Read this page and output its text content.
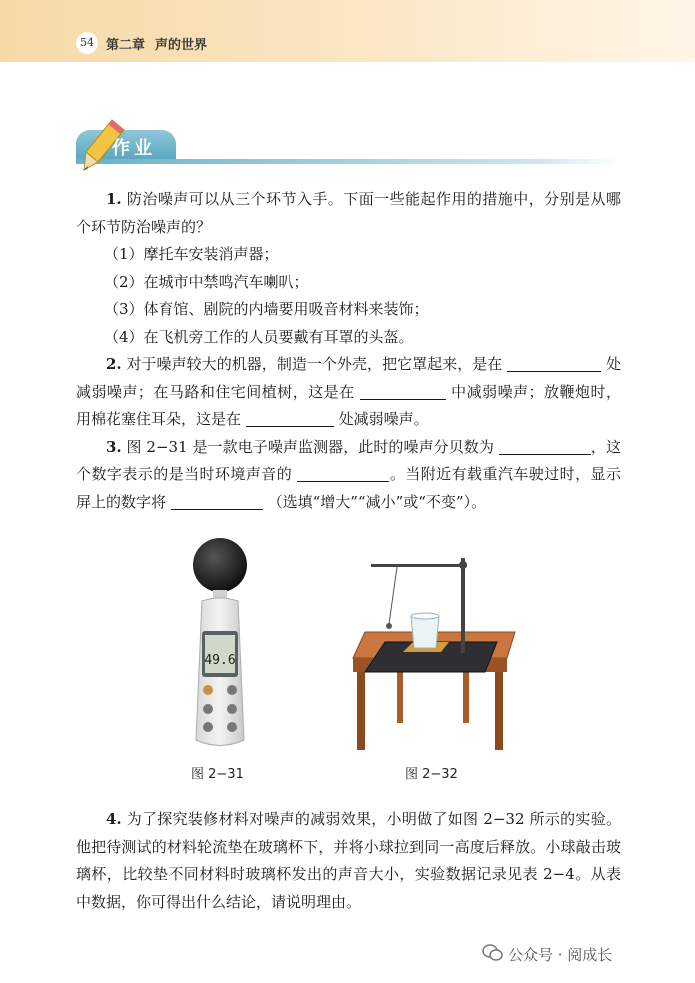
54 第二章 声的世界
作业

1. 防治噪声可以从三个环节入手。下面一些能起作用的措施中，分别是从哪个环节防治噪声的？

（1）摩托车安装消声器；

（2）在城市中禁鸣汽车喇叭；

（3）体育馆、剧院的内墙要用吸音材料来装饰；

（4）在飞机旁工作的人员要戴有耳罩的头盔。

2. 对于噪声较大的机器，制造一个外壳，把它罩起来，是在	处减弱噪声；在马路和住宅间植树，这是在	中减弱噪声；放鞭炮时，用棉花塞住耳朵，这是在	处减弱噪声。

3. 图 2−31 是一款电子噪声监测器，此时的噪声分贝数为	，这个数字表示的是当时环境声音的	。当附近有载重汽车驶过时，显示屏上的数字将	（选填“增大”“减小”或“不变”）。

49.6
图 2−31	图 2−32

4. 为了探究装修材料对噪声的减弱效果，小明做了如图 2−32 所示的实验。他把待测试的材料轮流垫在玻璃杯下，并将小球拉到同一高度后释放。小球敲击玻璃杯，比较垫不同材料时玻璃杯发出的声音大小，实验数据记录见表 2−4。从表中数据，你可得出什么结论，请说明理由。

公众号 · 阅成长
